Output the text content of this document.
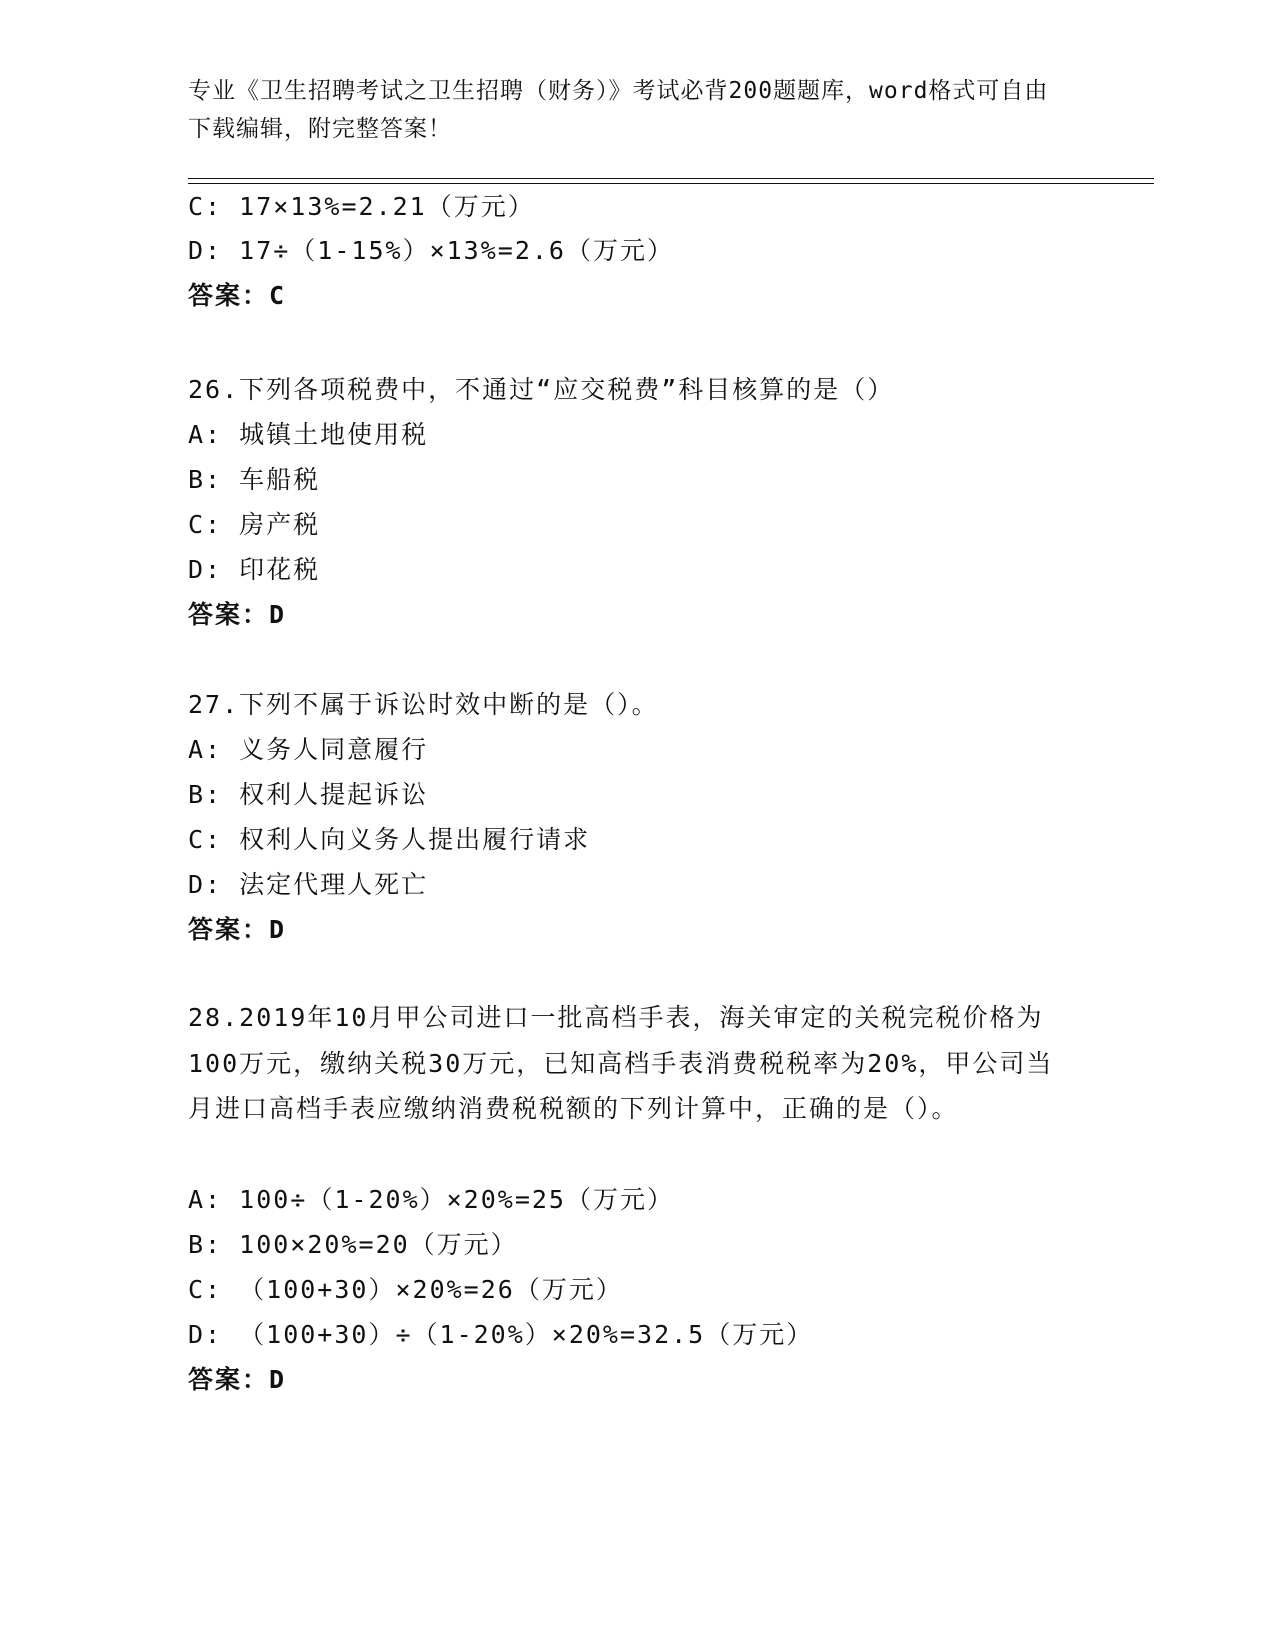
专业《卫生招聘考试之卫生招聘（财务）》考试必背200题题库，word格式可自由下载编辑，附完整答案！
C: 17×13%=2.21（万元）
D: 17÷（1-15%）×13%=2.6（万元）
答案：C
26.下列各项税费中，不通过“应交税费”科目核算的是（）
A: 城镇土地使用税
B: 车船税
C: 房产税
D: 印花税
答案：D
27.下列不属于诉讼时效中断的是（）。
A: 义务人同意履行
B: 权利人提起诉讼
C: 权利人向义务人提出履行请求
D: 法定代理人死亡
答案：D
28.2019年10月甲公司进口一批高档手表，海关审定的关税完税价格为100万元，缴纳关税30万元，已知高档手表消费税税率为20%，甲公司当月进口高档手表应缴纳消费税税额的下列计算中，正确的是（）。
A: 100÷（1-20%）×20%=25（万元）
B: 100×20%=20（万元）
C: （100+30）×20%=26（万元）
D: （100+30）÷（1-20%）×20%=32.5（万元）
答案：D
